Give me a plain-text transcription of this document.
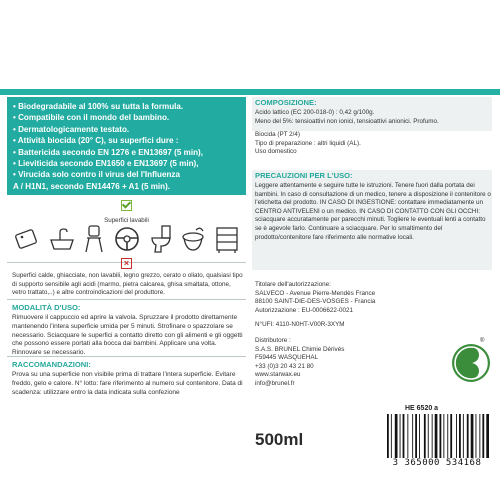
• Biodegradabile al 100% su tutta la formula.
• Compatibile con il mondo del bambino.
• Dermatologicamente testato.
• Attività biocida (20° C), su superfici dure :
• Battericida secondo EN 1276 e EN13697 (5 min),
• Lieviticida secondo EN1650 e EN13697 (5 min),
• Virucida solo contro il virus del l'Influenza
A / H1N1, secondo EN14476 + A1 (5 min).
Superfici lavabili
×
Superfici calde, ghiacciate, non lavabili, legno grezzo, cerato o oliato, qualsiasi tipo di supporto sensibile agli acidi (marmo, pietra calcarea, ghisa smaltata, ottone, vetro trattato,..) e altre controindicazioni del produttore.
MODALITÀ D'USO:
Rimuovere il cappuccio ed aprire la valvola. Spruzzare il prodotto direttamente mantenendo l'intera superficie umida per 5 minuti. Strofinare o spazzolare se necessario. Sciacquare le superfici a contatto diretto con gli alimenti e gli oggetti che possono essere portati alla bocca dai bambini. Applicare una volta. Rinnovare se necessario.
RACCOMANDAZIONI:
Prova su una superficie non visibile prima di trattare l'intera superficie. Evitare freddo, gelo e calore. N° lotto: fare riferimento al numero sul contenitore. Data di scadenza: utilizzare entro la data indicata sulla confezione
COMPOSIZIONE:
Acido lattico (EC 200-018-0) : 0,42 g/100g.
Meno del 5%: tensioattivi non ionici, tensioattivi anionici. Profumo.
Biocida (PT 2/4)
Tipo di preparazione : altri liquidi (AL).
Uso domestico
PRECAUZIONI PER L'USO:
Leggere attentamente e seguire tutte le istruzioni. Tenere fuori dalla portata dei bambini. In caso di consultazione di un medico, tenere a disposizione il contenitore o l'etichetta del prodotto. IN CASO DI INGESTIONE: contattare immediatamente un CENTRO ANTIVELENI o un medico. IN CASO DI CONTATTO CON GLI OCCHI: sciacquare accuratamente per parecchi minuti. Togliere le eventuali lenti a contatto se è agevole farlo. Continuare a sciacquare. Per lo smaltimento del prodotto/contenitore fare riferimento alle normative locali.
Titolare dell'autorizzazione:
SALVECO - Avenue Pierre-Mendès France
88100 SAINT-DIE-DES-VOSGES - Francia
Autorizzazione : EU-0006622-0021
N°UFI: 4110-N0HT-V00R-3XYM
Distributore :
S.A.S. BRUNEL Chimie Dérivés
F59445 WASQUEHAL
+33 (0)3 20 43 21 80
www.starwax.eu
info@brunel.fr
®
500ml
HE 6520 a
3 365000 534168
